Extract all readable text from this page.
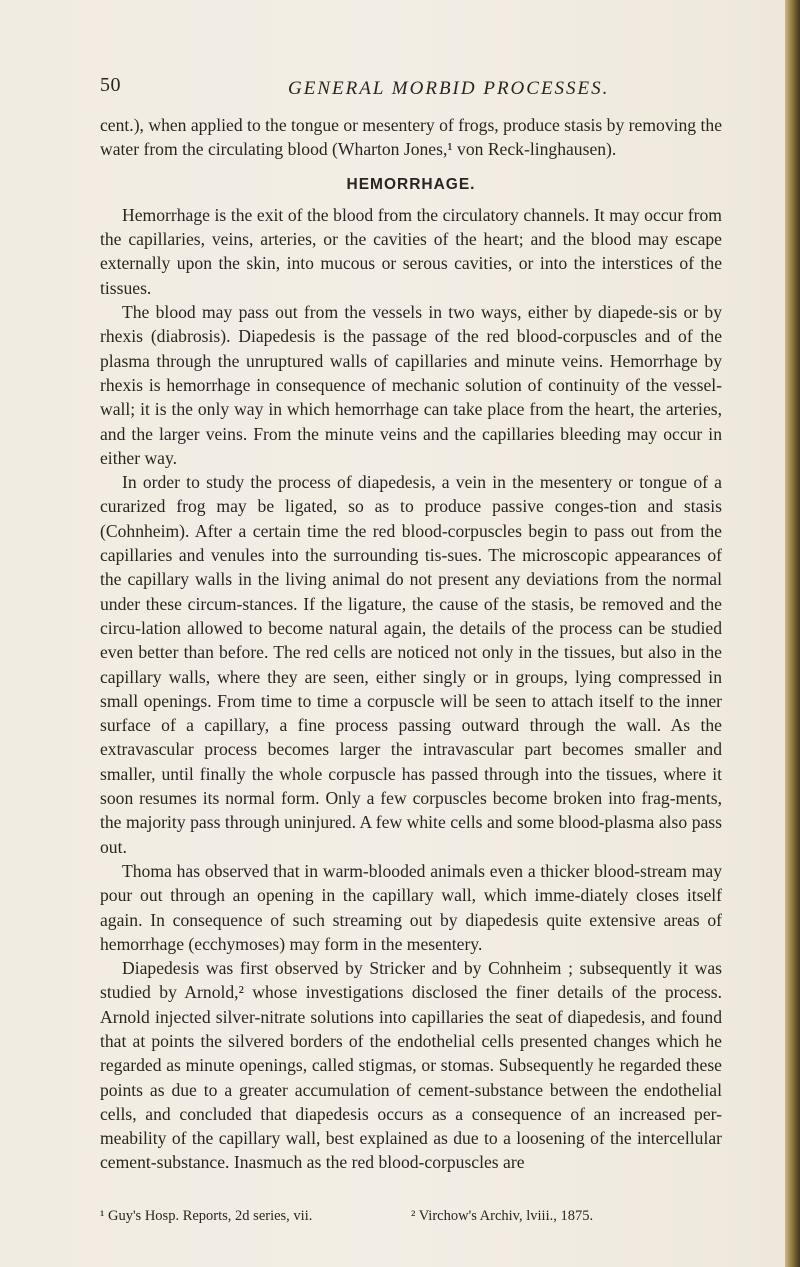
50	GENERAL MORBID PROCESSES.

cent.), when applied to the tongue or mesentery of frogs, produce stasis by removing the water from the circulating blood (Wharton Jones,¹ von Reck-linghausen).

HEMORRHAGE.

Hemorrhage is the exit of the blood from the circulatory channels. It may occur from the capillaries, veins, arteries, or the cavities of the heart; and the blood may escape externally upon the skin, into mucous or serous cavities, or into the interstices of the tissues.

The blood may pass out from the vessels in two ways, either by diapede-sis or by rhexis (diabrosis). Diapedesis is the passage of the red blood-corpuscles and of the plasma through the unruptured walls of capillaries and minute veins. Hemorrhage by rhexis is hemorrhage in consequence of mechanic solution of continuity of the vessel-wall; it is the only way in which hemorrhage can take place from the heart, the arteries, and the larger veins. From the minute veins and the capillaries bleeding may occur in either way.

In order to study the process of diapedesis, a vein in the mesentery or tongue of a curarized frog may be ligated, so as to produce passive conges-tion and stasis (Cohnheim). After a certain time the red blood-corpuscles begin to pass out from the capillaries and venules into the surrounding tis-sues. The microscopic appearances of the capillary walls in the living animal do not present any deviations from the normal under these circum-stances. If the ligature, the cause of the stasis, be removed and the circu-lation allowed to become natural again, the details of the process can be studied even better than before. The red cells are noticed not only in the tissues, but also in the capillary walls, where they are seen, either singly or in groups, lying compressed in small openings. From time to time a corpuscle will be seen to attach itself to the inner surface of a capillary, a fine process passing outward through the wall. As the extravascular process becomes larger the intravascular part becomes smaller and smaller, until finally the whole corpuscle has passed through into the tissues, where it soon resumes its normal form. Only a few corpuscles become broken into frag-ments, the majority pass through uninjured. A few white cells and some blood-plasma also pass out.

Thoma has observed that in warm-blooded animals even a thicker blood-stream may pour out through an opening in the capillary wall, which imme-diately closes itself again. In consequence of such streaming out by diapedesis quite extensive areas of hemorrhage (ecchymoses) may form in the mesentery.

Diapedesis was first observed by Stricker and by Cohnheim ; subsequently it was studied by Arnold,² whose investigations disclosed the finer details of the process. Arnold injected silver-nitrate solutions into capillaries the seat of diapedesis, and found that at points the silvered borders of the endothelial cells presented changes which he regarded as minute openings, called stigmas, or stomas. Subsequently he regarded these points as due to a greater accumulation of cement-substance between the endothelial cells, and concluded that diapedesis occurs as a consequence of an increased per-meability of the capillary wall, best explained as due to a loosening of the intercellular cement-substance. Inasmuch as the red blood-corpuscles are

¹ Guy's Hosp. Reports, 2d series, vii.	² Virchow's Archiv, lviii., 1875.
